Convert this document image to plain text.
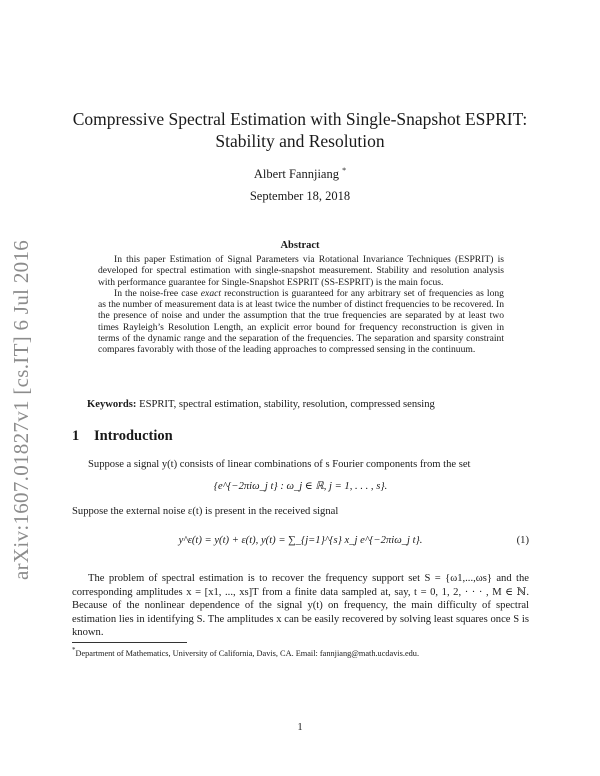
arXiv:1607.01827v1 [cs.IT] 6 Jul 2016
Compressive Spectral Estimation with Single-Snapshot ESPRIT: Stability and Resolution
Albert Fannjiang *
September 18, 2018
Abstract

In this paper Estimation of Signal Parameters via Rotational Invariance Techniques (ESPRIT) is developed for spectral estimation with single-snapshot measurement. Stability and resolution analysis with performance guarantee for Single-Snapshot ESPRIT (SS-ESPRIT) is the main focus.

In the noise-free case exact reconstruction is guaranteed for any arbitrary set of frequencies as long as the number of measurement data is at least twice the number of distinct frequencies to be recovered. In the presence of noise and under the assumption that the true frequencies are separated by at least two times Rayleigh’s Resolution Length, an explicit error bound for frequency reconstruction is given in terms of the dynamic range and the separation of the frequencies. The separation and sparsity constraint compares favorably with those of the leading approaches to compressed sensing in the continuum.

Keywords: ESPRIT, spectral estimation, stability, resolution, compressed sensing
1 Introduction

Suppose a signal y(t) consists of linear combinations of s Fourier components from the set

{e^{−2πiω_j t} : ω_j ∈ ℝ, j = 1, . . . , s}.

Suppose the external noise ε(t) is present in the received signal

y^ε(t) = y(t) + ε(t), y(t) = ∑_{j=1}^{s} x_j e^{−2πiω_j t}.	(1)

The problem of spectral estimation is to recover the frequency support set S = {ω1,...,ωs} and the corresponding amplitudes x = [x1, ..., xs]T from a finite data sampled at, say, t = 0, 1, 2, · · · , M ∈ ℕ. Because of the nonlinear dependence of the signal y(t) on frequency, the main difficulty of spectral estimation lies in identifying S. The amplitudes x can be easily recovered by solving least squares once S is known.

*Department of Mathematics, University of California, Davis, CA. Email: fannjiang@math.ucdavis.edu.
1
